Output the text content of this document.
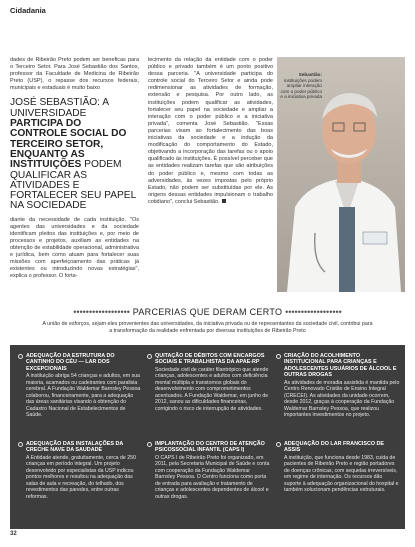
Cidadania

dades de Ribeirão Preto podem ser beneficas para o Terceiro Setor. Para José Sebastião dos Santos, professor da Faculdade de Medicina de Ribeirão Preto (USP), o repasse dos recursos federais, municipais e estaduais é muito baixo

JOSÉ SEBASTIÃO: A UNIVERSIDADE PARTICIPA DO CONTROLE SOCIAL DO TERCEIRO SETOR, ENQUANTO AS INSTITUIÇÕES PODEM QUALIFICAR AS ATIVIDADES E FORTALECER SEU PAPEL NA SOCIEDADE

diante da necessidade de cada instituição. "Os agentes das universidades e da sociedade identificam pleitos das instituições e, por meio de processos e projetos, auxiliam as entidades na obtenção de estabilidade operacional, administrativa e jurídica, bem como atuam para fortalecer suas missões com aperfeiçoamento das práticas já existentes ou introduzindo novas estratégias", explica o professor. O forta-

lecimento da relação da entidade com o poder público e privado também é um ponto positivo dessa parceria. "A universidade participa do controle social do Terceiro Setor e ainda pode redimensionar as atividades de formação, extensão e pesquisa. Por outro lado, as instituições podem qualificar as atividades, fortalecer seu papel na sociedade e ampliar a interação com o poder público e a iniciativa privada", comenta José Sebastião. "Essas parcerias visam ao fortalecimento das boas iniciativas da sociedade e a indução da modificação do comportamento do Estado, objetivando a incorporação das tarefas ou o apoio qualificado às instituições. É possível perceber que as entidades realizam tarefas que são atribuições do poder público e, mesmo com todas as adversidades, às vezes impostas pelo próprio Estado, não podem ser substituídas por ele. As origens dessas entidades impulsionam o trabalho cotidiano", conclui Sebastião.

Sebastião: instituições podem ampliar interação com o poder público e a iniciativa privada
•••••••••••••••••• PARCERIAS QUE DERAM CERTO ••••••••••••••••••
A união de esforços, sejam eles provenientes das universidades, da iniciativa privada ou de representantes da sociedade civil, contribui para a transformação da realidade enfrentada por diversas instituições de Ribeirão Preto
ADEQUAÇÃO DA ESTRUTURA DO CANTINHO DO CÉU — LAR DOS EXCEPCIONAIS
A instituição abriga 54 crianças e adultos, em sua maioria, acamados ou cadeirantes com paralisia cerebral. A Fundação Waldemar Barnsley Pessoa colaborou, financeiramente, para a adequação das áreas sanitárias visando à obtenção do Cadastro Nacional de Estabelecimentos de Saúde.
QUITAÇÃO DE DÉBITOS COM ENCARGOS SOCIAIS E TRABALHISTAS DA APAE-RP
Sociedade civil de caráter filantrópico que atende crianças, adolescentes e adultos com deficiência mental múltipla e transtornos globais do desenvolvimento com comprometimentos acentuados. A Fundação Waldemar, em junho de 2012, sanou as dificuldades financeiras, corrigindo o risco de interrupção de atividades.
CRIAÇÃO DO ACOLHIMENTO INSTITUCIONAL PARA CRIANÇAS E ADOLESCENTES USUÁRIOS DE ÁLCOOL E OUTRAS DROGAS
As atividades de moradia assistida é mantida pelo Centro Renovado Cristão de Ensino Integral (CRECEI). As atividades da unidade ocorrem, desde 2012, graças à cooperação da Fundação Waldemar Barnsley Pessoa, que realizou importantes investimentos no projeto.
ADEQUAÇÃO DAS INSTALAÇÕES DA CRECHE NAVE DA SAUDADE
A Entidade atende, gratuitamente, cerca de 250 crianças em período integral. Um projeto desenvolvido por especialistas da USP indicou pontos melhores e resultou na adequação das salas de aula e recreação, do telhado, dos revestimentos das paredes, entre outras reformas.
IMPLANTAÇÃO DO CENTRO DE ATENÇÃO PSICOSSOCIAL INFANTIL (CAPS I)
O CAPS I de Ribeirão Preto foi organizado, em 2011, pela Secretaria Municipal de Saúde e conta com cooperação da Fundação Waldemar Barnsley Pessoa. O Centro funciona como porta de entrada para avaliação e tratamento de crianças e adolescentes dependentes de álcool e outras drogas.
ADEQUAÇÃO DO LAR FRANCISCO DE ASSIS
A instituição, que funciona desde 1983, cuida de pacientes de Ribeirão Preto e região portadores de doenças crônicas, com sequelas irreversíveis, em regime de internação. Os recursos dão suporte à adequação organizacional do hospital e também solucionam pendências estruturais.
32
